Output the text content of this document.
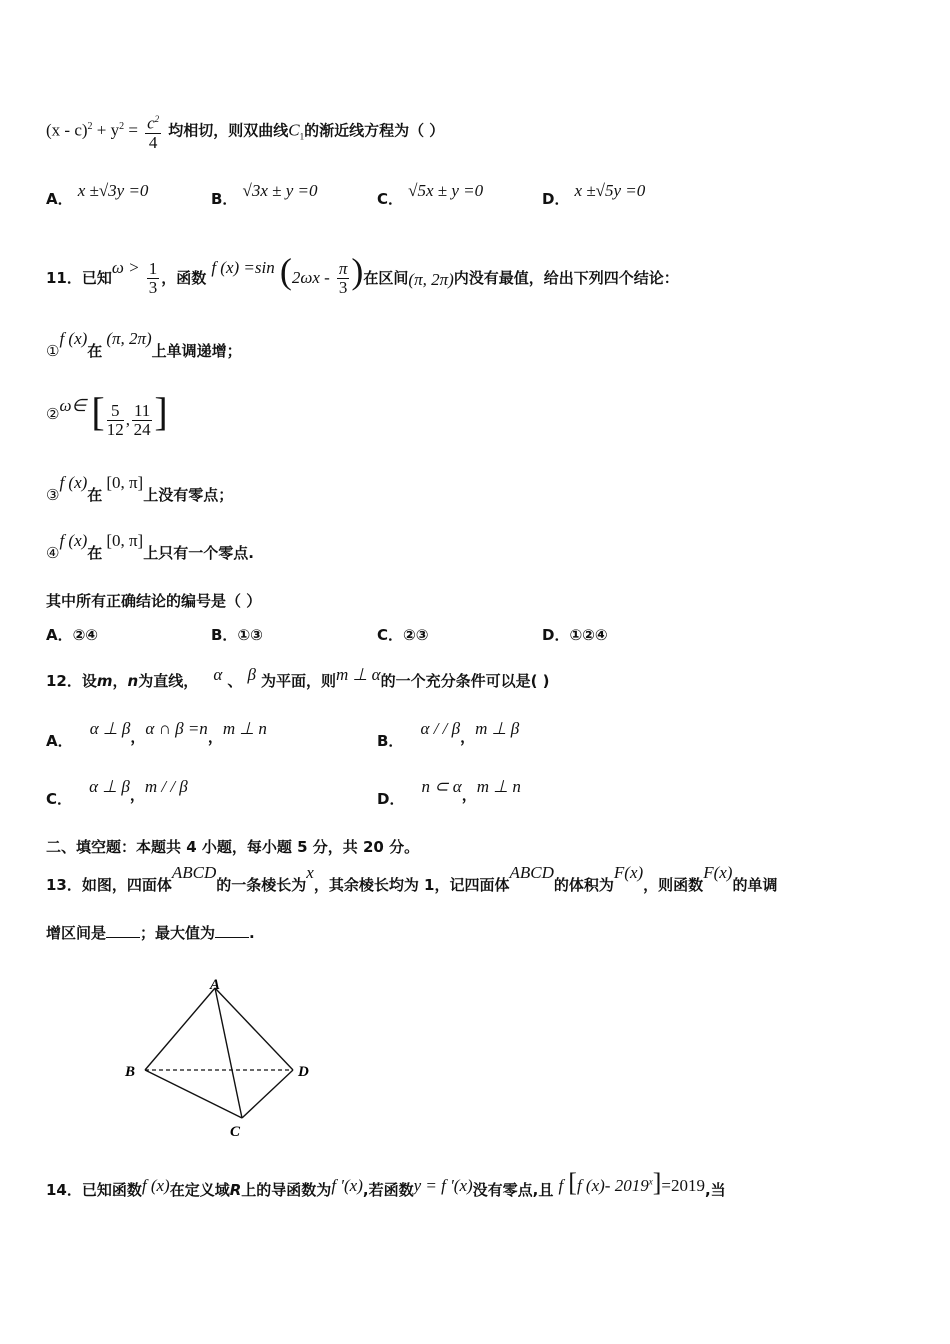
$(x - c)^2 + y^2 = \frac{c^2}{4}$ 均相切，则双曲线$C_1$的渐近线方程为（ ）
A． x ±√3y =0	B． √3x ± y =0	C． √5x ± y =0	D． x ±√5y =0
11．已知$\omega > \frac{1}{3}$ ，函数 f (x) =sin ($2\omega x - \frac{\pi}{3}$ )在区间(π, 2π)内没有最值，给出下列四个结论：
①f (x)在(π, 2π)上单调递增；
②ω∈ [ $\frac{5}{12}$ , $\frac{11}{24}$ ]
③f (x)在[0, π]上没有零点；
④f (x)在[0, π]上只有一个零点.
其中所有正确结论的编号是（ ）
A．②④	B．①③	C．②③	D．①②④
12．设m，n为直线， α 、 β 为平面，则m ⊥ α的一个充分条件可以是( )
A． α ⊥ β，α ∩ β =n，m ⊥ n
B． α / / β，m ⊥ β
C． α ⊥ β，m / / β
D． n ⊂ α，m ⊥ n
二、填空题：本题共 4 小题，每小题 5 分，共 20 分。
13．如图，四面体ABCD的一条棱长为x，其余棱长均为 1，记四面体ABCD的体积为F(x)，则函数F(x)的单调
增区间是 ；最大值为 .
A
B	D
C
14．已知函数f (x)在定义域R上的导函数为f ′(x),若函数y = f ′(x)没有零点,且 f [f (x)- $2019^x]=2019$,当
